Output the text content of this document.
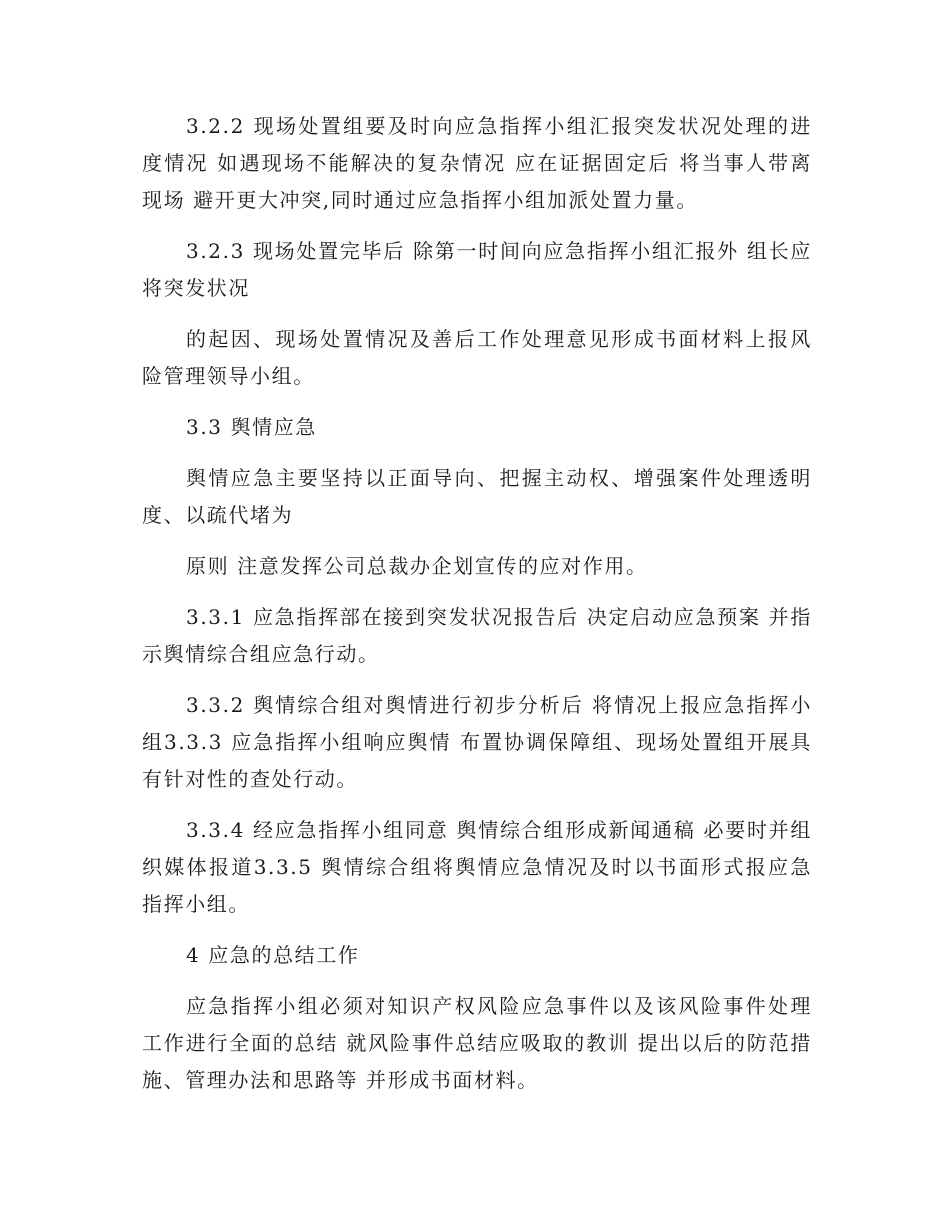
3.2.2 现场处置组要及时向应急指挥小组汇报突发状况处理的进度情况 如遇现场不能解决的复杂情况 应在证据固定后 将当事人带离现场 避开更大冲突,同时通过应急指挥小组加派处置力量。

3.2.3 现场处置完毕后 除第一时间向应急指挥小组汇报外 组长应将突发状况

的起因、现场处置情况及善后工作处理意见形成书面材料上报风险管理领导小组。

3.3 舆情应急

舆情应急主要坚持以正面导向、把握主动权、增强案件处理透明度、以疏代堵为

原则 注意发挥公司总裁办企划宣传的应对作用。

3.3.1 应急指挥部在接到突发状况报告后 决定启动应急预案 并指示舆情综合组应急行动。

3.3.2 舆情综合组对舆情进行初步分析后 将情况上报应急指挥小组3.3.3 应急指挥小组响应舆情 布置协调保障组、现场处置组开展具有针对性的查处行动。

3.3.4 经应急指挥小组同意 舆情综合组形成新闻通稿 必要时并组织媒体报道3.3.5 舆情综合组将舆情应急情况及时以书面形式报应急指挥小组。

4 应急的总结工作

应急指挥小组必须对知识产权风险应急事件以及该风险事件处理工作进行全面的总结 就风险事件总结应吸取的教训 提出以后的防范措施、管理办法和思路等 并形成书面材料。
